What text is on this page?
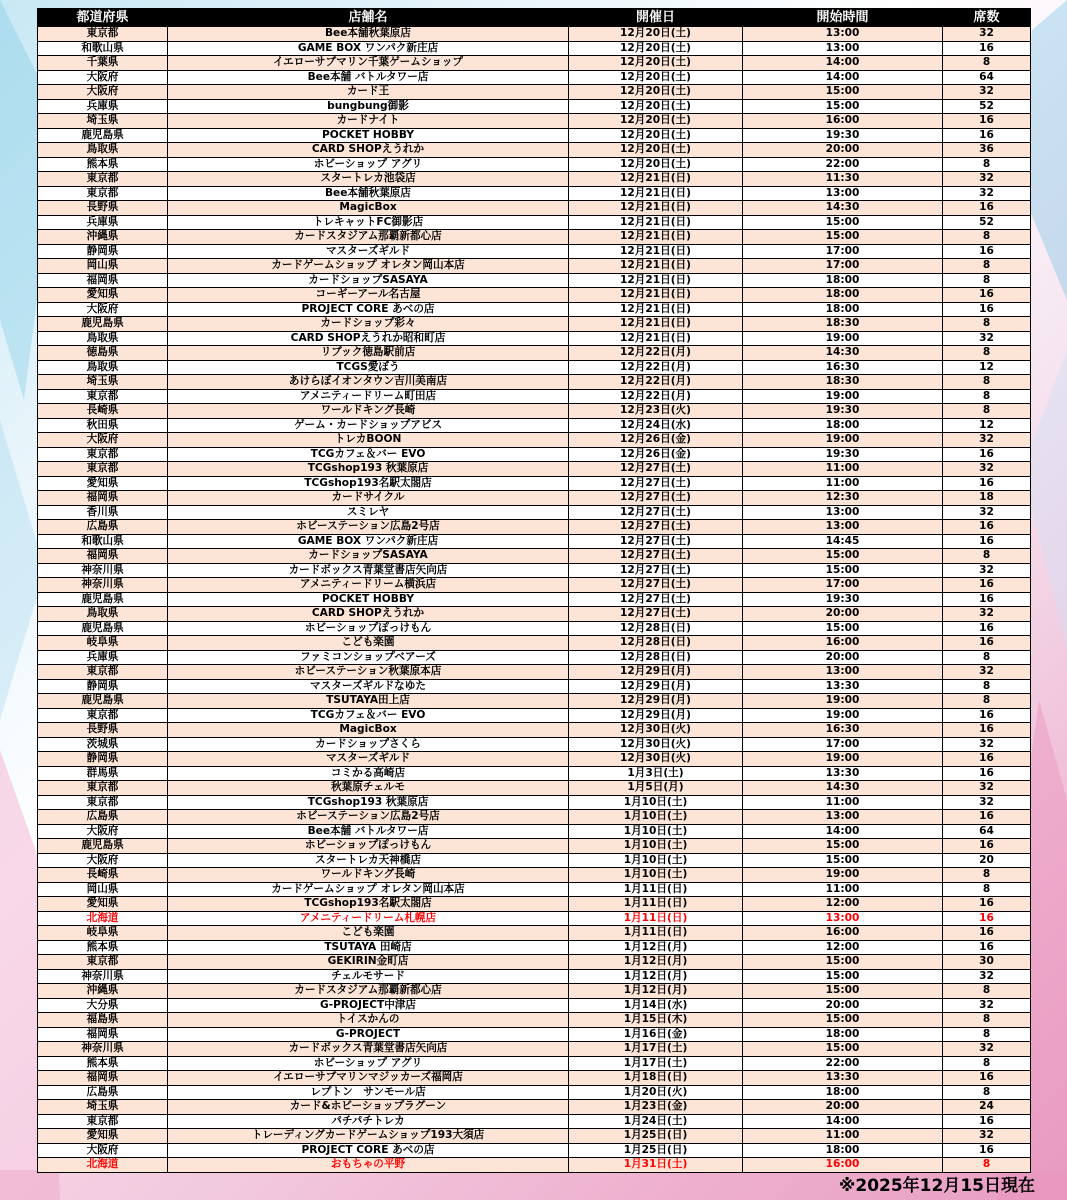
都道府県	店舗名	開催日	開始時間	席数
東京都	Bee本舗秋葉原店	12月20日(土)	13:00	32
和歌山県	GAME BOX ワンパク新庄店	12月20日(土)	13:00	16
千葉県	イエローサブマリン千葉ゲームショップ	12月20日(土)	14:00	8
大阪府	Bee本舗 バトルタワー店	12月20日(土)	14:00	64
大阪府	カード王	12月20日(土)	15:00	32
兵庫県	bungbung御影	12月20日(土)	15:00	52
埼玉県	カードナイト	12月20日(土)	16:00	16
鹿児島県	POCKET HOBBY	12月20日(土)	19:30	16
鳥取県	CARD SHOPえうれか	12月20日(土)	20:00	36
熊本県	ホビーショップ アグリ	12月20日(土)	22:00	8
東京都	スタートレカ池袋店	12月21日(日)	11:30	32
東京都	Bee本舗秋葉原店	12月21日(日)	13:00	32
長野県	MagicBox	12月21日(日)	14:30	16
兵庫県	トレキャットFC御影店	12月21日(日)	15:00	52
沖縄県	カードスタジアム那覇新都心店	12月21日(日)	15:00	8
静岡県	マスターズギルド	12月21日(日)	17:00	16
岡山県	カードゲームショップ オレタン岡山本店	12月21日(日)	17:00	8
福岡県	カードショップSASAYA	12月21日(日)	18:00	8
愛知県	コーギーアール名古屋	12月21日(日)	18:00	16
大阪府	PROJECT CORE あべの店	12月21日(日)	18:00	16
鹿児島県	カードショップ彩々	12月21日(日)	18:30	8
鳥取県	CARD SHOPえうれか昭和町店	12月21日(日)	19:00	32
徳島県	リブック徳島駅前店	12月22日(月)	14:30	8
鳥取県	TCGS愛ぼう	12月22日(月)	16:30	12
埼玉県	あけらぼイオンタウン吉川美南店	12月22日(月)	18:30	8
東京都	アメニティードリーム町田店	12月22日(月)	19:00	8
長崎県	ワールドキング長崎	12月23日(火)	19:30	8
秋田県	ゲーム・カードショップアビス	12月24日(水)	18:00	12
大阪府	トレカBOON	12月26日(金)	19:00	32
東京都	TCGカフェ＆バー EVO	12月26日(金)	19:30	16
東京都	TCGshop193 秋葉原店	12月27日(土)	11:00	32
愛知県	TCGshop193名駅太閤店	12月27日(土)	11:00	16
福岡県	カードサイクル	12月27日(土)	12:30	18
香川県	スミレヤ	12月27日(土)	13:00	32
広島県	ホビーステーション広島2号店	12月27日(土)	13:00	16
和歌山県	GAME BOX ワンパク新庄店	12月27日(土)	14:45	16
福岡県	カードショップSASAYA	12月27日(土)	15:00	8
神奈川県	カードボックス青葉堂書店矢向店	12月27日(土)	15:00	32
神奈川県	アメニティードリーム横浜店	12月27日(土)	17:00	16
鹿児島県	POCKET HOBBY	12月27日(土)	19:30	16
鳥取県	CARD SHOPえうれか	12月27日(土)	20:00	32
鹿児島県	ホビーショップぽっけもん	12月28日(日)	15:00	16
岐阜県	こども楽園	12月28日(日)	16:00	16
兵庫県	ファミコンショップベアーズ	12月28日(日)	20:00	8
東京都	ホビーステーション秋葉原本店	12月29日(月)	13:00	32
静岡県	マスターズギルドなゆた	12月29日(月)	13:30	8
鹿児島県	TSUTAYA田上店	12月29日(月)	19:00	8
東京都	TCGカフェ＆バー EVO	12月29日(月)	19:00	16
長野県	MagicBox	12月30日(火)	16:30	16
茨城県	カードショップさくら	12月30日(火)	17:00	32
静岡県	マスターズギルド	12月30日(火)	19:00	16
群馬県	コミかる高崎店	1月3日(土)	13:30	16
東京都	秋葉原チェルモ	1月5日(月)	14:30	32
東京都	TCGshop193 秋葉原店	1月10日(土)	11:00	32
広島県	ホビーステーション広島2号店	1月10日(土)	13:00	16
大阪府	Bee本舗 バトルタワー店	1月10日(土)	14:00	64
鹿児島県	ホビーショップぽっけもん	1月10日(土)	15:00	16
大阪府	スタートレカ天神橋店	1月10日(土)	15:00	20
長崎県	ワールドキング長崎	1月10日(土)	19:00	8
岡山県	カードゲームショップ オレタン岡山本店	1月11日(日)	11:00	8
愛知県	TCGshop193名駅太閤店	1月11日(日)	12:00	16
北海道	アメニティードリーム札幌店	1月11日(日)	13:00	16
岐阜県	こども楽園	1月11日(日)	16:00	16
熊本県	TSUTAYA 田崎店	1月12日(月)	12:00	16
東京都	GEKIRIN金町店	1月12日(月)	15:00	30
神奈川県	チェルモサード	1月12日(月)	15:00	32
沖縄県	カードスタジアム那覇新都心店	1月12日(月)	15:00	8
大分県	G-PROJECT中津店	1月14日(水)	20:00	32
福島県	トイスかんの	1月15日(木)	15:00	8
福岡県	G-PROJECT	1月16日(金)	18:00	8
神奈川県	カードボックス青葉堂書店矢向店	1月17日(土)	15:00	32
熊本県	ホビーショップ アグリ	1月17日(土)	22:00	8
福岡県	イエローサブマリンマジッカーズ福岡店	1月18日(日)	13:30	16
広島県	レプトン　サンモール店	1月20日(火)	18:00	8
埼玉県	カード&ホビーショップラグーン	1月23日(金)	20:00	24
東京都	パチパチトレカ	1月24日(土)	14:00	16
愛知県	トレーディングカードゲームショップ193大須店	1月25日(日)	11:00	32
大阪府	PROJECT CORE あべの店	1月25日(日)	18:00	16
北海道	おもちゃの平野	1月31日(土)	16:00	8
※2025年12月15日現在
